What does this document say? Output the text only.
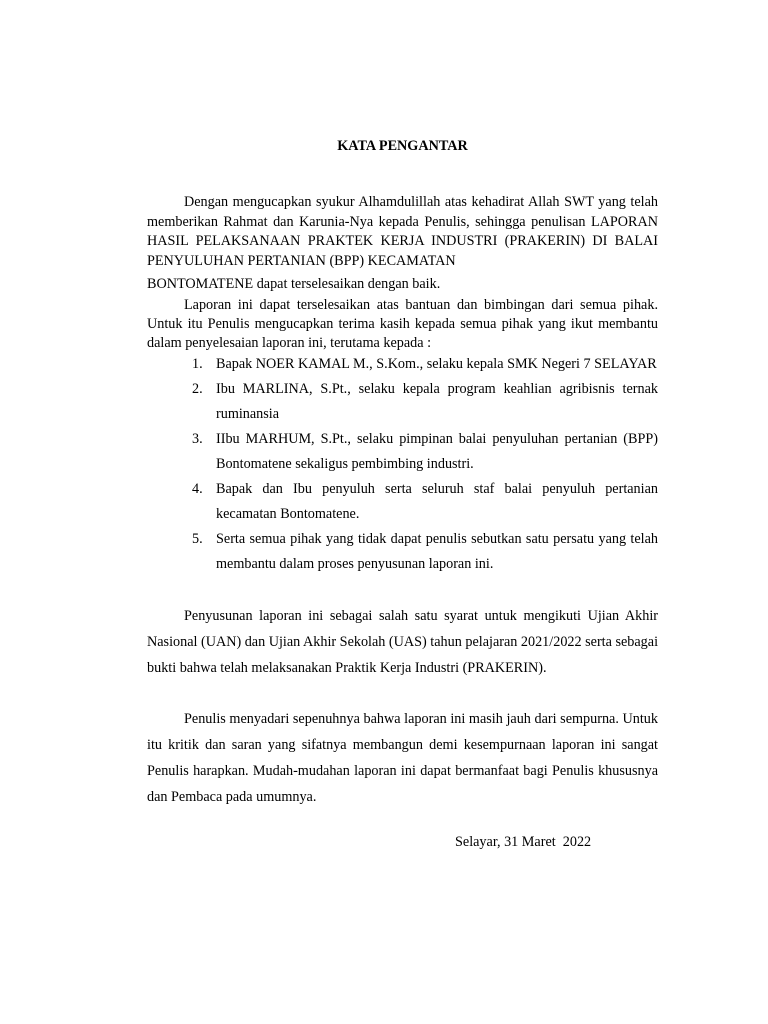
KATA PENGANTAR

Dengan mengucapkan syukur Alhamdulillah atas kehadirat Allah SWT yang telah memberikan Rahmat dan Karunia-Nya kepada Penulis, sehingga penulisan LAPORAN HASIL PELAKSANAAN PRAKTEK KERJA INDUSTRI (PRAKERIN) DI BALAI PENYULUHAN PERTANIAN (BPP) KECAMATAN

BONTOMATENE dapat terselesaikan dengan baik.

Laporan ini dapat terselesaikan atas bantuan dan bimbingan dari semua pihak. Untuk itu Penulis mengucapkan terima kasih kepada semua pihak yang ikut membantu dalam penyelesaian laporan ini, terutama kepada :

1. Bapak NOER KAMAL M., S.Kom., selaku kepala SMK Negeri 7 SELAYAR
2. Ibu MARLINA, S.Pt., selaku kepala program keahlian agribisnis ternak ruminansia
3. IIbu MARHUM, S.Pt., selaku pimpinan balai penyuluhan pertanian (BPP) Bontomatene sekaligus pembimbing industri.
4. Bapak dan Ibu penyuluh serta seluruh staf balai penyuluh pertanian kecamatan Bontomatene.
5. Serta semua pihak yang tidak dapat penulis sebutkan satu persatu yang telah membantu dalam proses penyusunan laporan ini.

Penyusunan laporan ini sebagai salah satu syarat untuk mengikuti Ujian Akhir Nasional (UAN) dan Ujian Akhir Sekolah (UAS) tahun pelajaran 2021/2022 serta sebagai bukti bahwa telah melaksanakan Praktik Kerja Industri (PRAKERIN).

Penulis menyadari sepenuhnya bahwa laporan ini masih jauh dari sempurna. Untuk itu kritik dan saran yang sifatnya membangun demi kesempurnaan laporan ini sangat Penulis harapkan. Mudah-mudahan laporan ini dapat bermanfaat bagi Penulis khususnya dan Pembaca pada umumnya.

Selayar, 31 Maret  2022
